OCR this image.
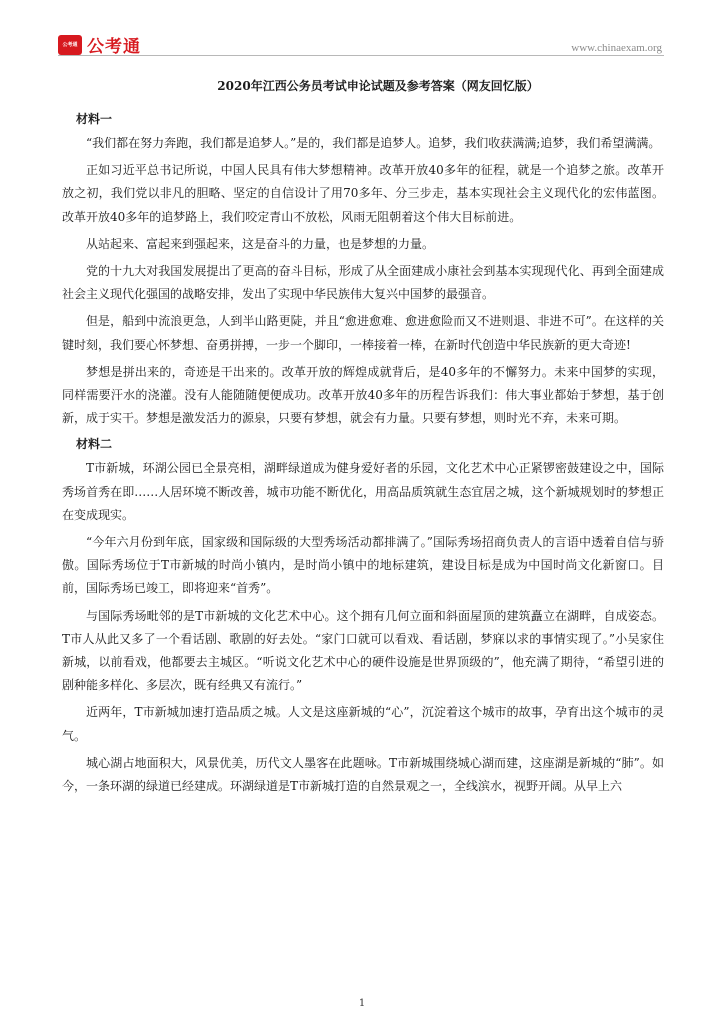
公考通 公考通	www.chinaexam.org
2020年江西公务员考试申论试题及参考答案（网友回忆版）
材料一

“我们都在努力奔跑，我们都是追梦人。”是的，我们都是追梦人。追梦，我们收获满满;追梦，我们希望满满。

正如习近平总书记所说，中国人民具有伟大梦想精神。改革开放40多年的征程，就是一个追梦之旅。改革开放之初，我们党以非凡的胆略、坚定的自信设计了用70多年、分三步走，基本实现社会主义现代化的宏伟蓝图。改革开放40多年的追梦路上，我们咬定青山不放松，风雨无阻朝着这个伟大目标前进。

从站起来、富起来到强起来，这是奋斗的力量，也是梦想的力量。

党的十九大对我国发展提出了更高的奋斗目标，形成了从全面建成小康社会到基本实现现代化、再到全面建成社会主义现代化强国的战略安排，发出了实现中华民族伟大复兴中国梦的最强音。

但是，船到中流浪更急，人到半山路更陡，并且“愈进愈难、愈进愈险而又不进则退、非进不可”。在这样的关键时刻，我们要心怀梦想、奋勇拼搏，一步一个脚印，一棒接着一棒，在新时代创造中华民族新的更大奇迹!

梦想是拼出来的，奇迹是干出来的。改革开放的辉煌成就背后，是40多年的不懈努力。未来中国梦的实现，同样需要汗水的浇灌。没有人能随随便便成功。改革开放40多年的历程告诉我们：伟大事业都始于梦想，基于创新，成于实干。梦想是激发活力的源泉，只要有梦想，就会有力量。只要有梦想，则时光不弃，未来可期。

材料二

T市新城，环湖公园已全景亮相，湖畔绿道成为健身爱好者的乐园，文化艺术中心正紧锣密鼓建设之中，国际秀场首秀在即……人居环境不断改善，城市功能不断优化，用高品质筑就生态宜居之城，这个新城规划时的梦想正在变成现实。

“今年六月份到年底，国家级和国际级的大型秀场活动都排满了。”国际秀场招商负责人的言语中透着自信与骄傲。国际秀场位于T市新城的时尚小镇内，是时尚小镇中的地标建筑，建设目标是成为中国时尚文化新窗口。目前，国际秀场已竣工，即将迎来“首秀”。

与国际秀场毗邻的是T市新城的文化艺术中心。这个拥有几何立面和斜面屋顶的建筑矗立在湖畔，自成姿态。T市人从此又多了一个看话剧、歌剧的好去处。“家门口就可以看戏、看话剧，梦寐以求的事情实现了。”小吴家住新城，以前看戏，他都要去主城区。“听说文化艺术中心的硬件设施是世界顶级的”，他充满了期待，“希望引进的剧种能多样化、多层次，既有经典又有流行。”

近两年，T市新城加速打造品质之城。人文是这座新城的“心”，沉淀着这个城市的故事，孕育出这个城市的灵气。

城心湖占地面积大，风景优美，历代文人墨客在此题咏。T市新城围绕城心湖而建，这座湖是新城的“肺”。如今，一条环湖的绿道已经建成。环湖绿道是T市新城打造的自然景观之一，全线滨水，视野开阔。从早上六

1
